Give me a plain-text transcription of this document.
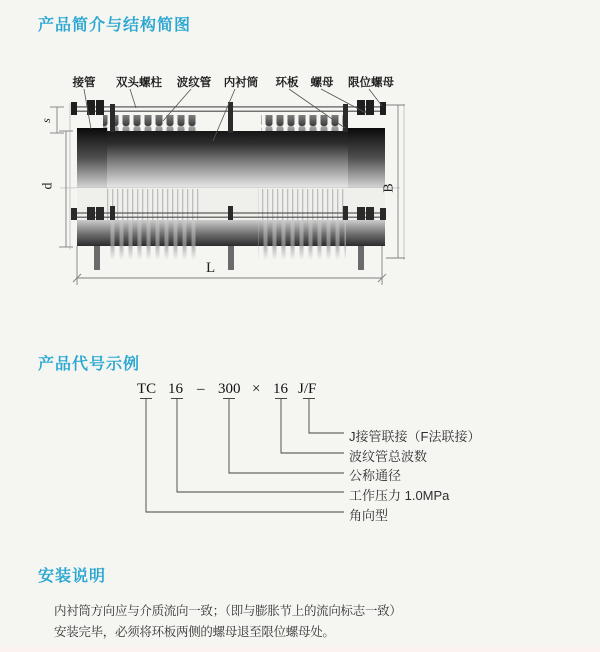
产品简介与结构简图
产品代号示例
安装说明
接管 双头螺柱 波纹管 内衬筒 环板 螺母 限位螺母
s
d	B
L
TC 16 – 300 × 16 J/F
J接管联接（F法联接）
波纹管总波数
公称通径
工作压力 1.0MPa
角向型
内衬筒方向应与介质流向一致；（即与膨胀节上的流向标志一致）
安装完毕，必须将环板两侧的螺母退至限位螺母处。
